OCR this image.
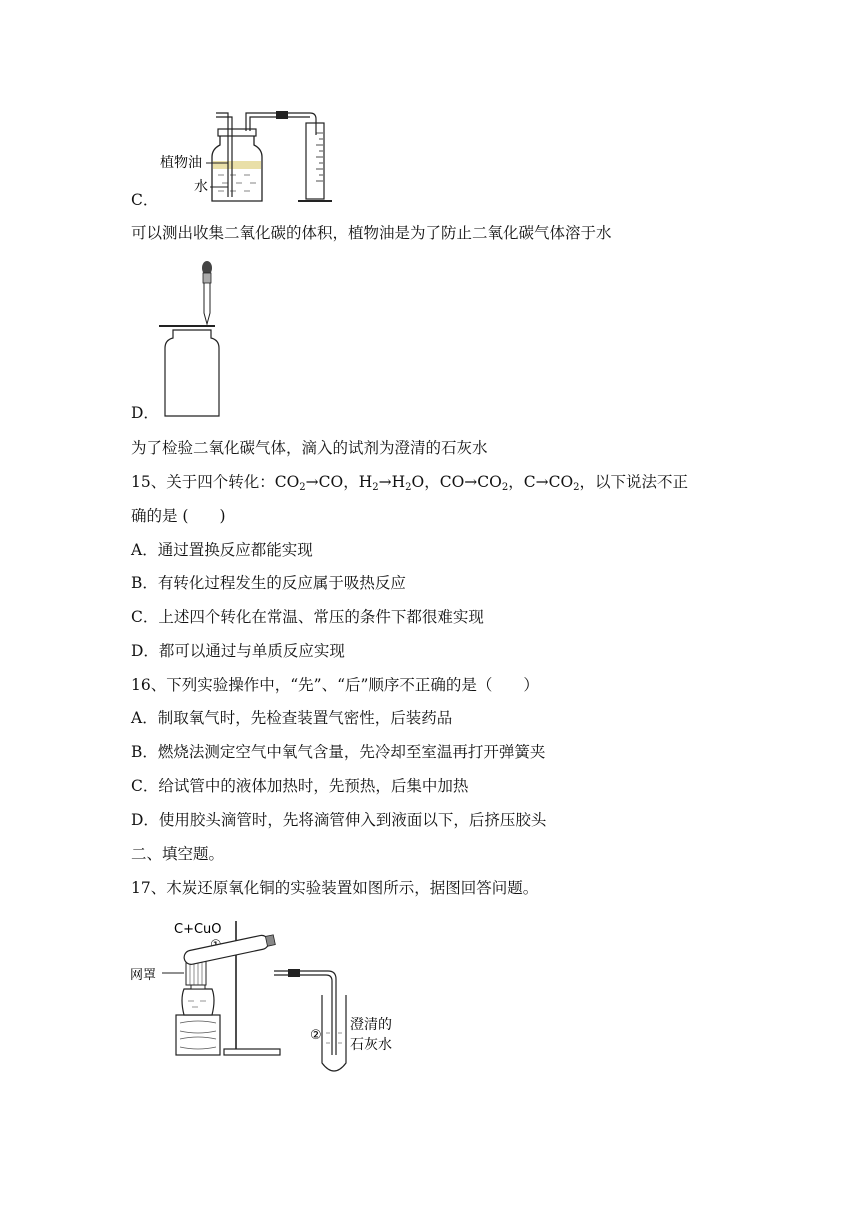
植物油
水
C．
可以测出收集二氧化碳的体积，植物油是为了防止二氧化碳气体溶于水
D．
为了检验二氧化碳气体，滴入的试剂为澄清的石灰水
15、关于四个转化：$CO_2\to CO$，$H_2\to H_2O$，$CO\to CO_2$，$C\to CO_2$，以下说法不正
确的是 (　　)
A．通过置换反应都能实现
B．有转化过程发生的反应属于吸热反应
C．上述四个转化在常温、常压的条件下都很难实现
D．都可以通过与单质反应实现
16、下列实验操作中，“先”、“后”顺序不正确的是（　　）
A．制取氧气时，先检查装置气密性，后装药品
B．燃烧法测定空气中氧气含量，先冷却至室温再打开弹簧夹
C．给试管中的液体加热时，先预热，后集中加热
D．使用胶头滴管时，先将滴管伸入到液面以下，后挤压胶头
二、填空题。
17、木炭还原氧化铜的实验装置如图所示，据图回答问题。
C+CuO
网罩
②
澄清的
石灰水
